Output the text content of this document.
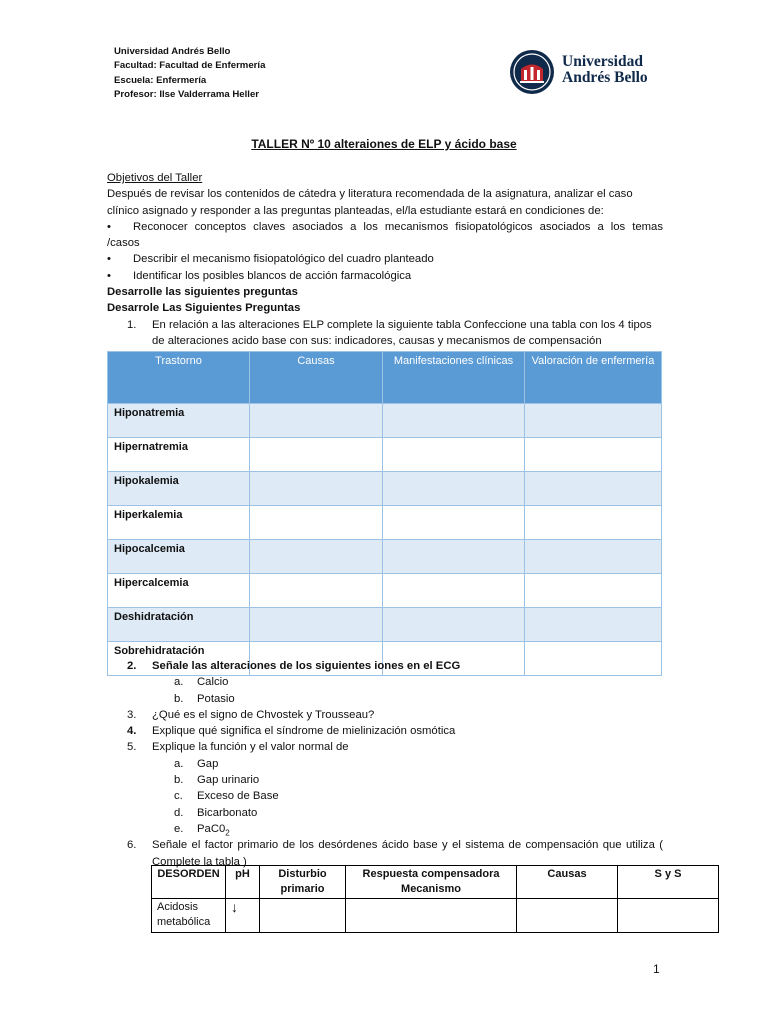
Universidad Andrés Bello
Facultad: Facultad de Enfermería
Escuela: Enfermería
Profesor: Ilse Valderrama Heller
Universidad
Andrés Bello
TALLER Nº 10 alteraiones de ELP y ácido base
Objetivos del Taller
Después de revisar los contenidos de cátedra y literatura recomendada de la asignatura, analizar el caso
clínico asignado y responder a las preguntas planteadas, el/la estudiante estará en condiciones de:
• Reconocer conceptos claves asociados a los mecanismos fisiopatológicos asociados a los temas
/casos
• Describir el mecanismo fisiopatológico del cuadro planteado
• Identificar los posibles blancos de acción farmacológica
Desarrolle las siguientes preguntas
Desarrole Las Siguientes Preguntas
1. En relación a las alteraciones ELP complete la siguiente tabla Confeccione una tabla con los 4 tipos
de alteraciones acido base con sus: indicadores, causas y mecanismos de compensación
Trastorno	Causas	Manifestaciones clínicas	Valoración de enfermería
Hiponatremia			
Hipernatremia			
Hipokalemia			
Hiperkalemia			
Hipocalcemia			
Hipercalcemia			
Deshidratación			
Sobrehidratación			
2. Señale las alteraciones de los siguientes iones en el ECG
a. Calcio
b. Potasio
3. ¿Qué es el signo de Chvostek y Trousseau?
4. Explique qué significa el síndrome de mielinización osmótica
5. Explique la función y el valor normal de
a. Gap
b. Gap urinario
c. Exceso de Base
d. Bicarbonato
e. $PaC0_2$
6. Señale el factor primario de los desórdenes ácido base y el sistema de compensación que utiliza (
Complete la tabla )
DESORDEN	pH	Disturbio primario	Respuesta compensadora Mecanismo	Causas	S y S
Acidosis metabólica	↓				
1
